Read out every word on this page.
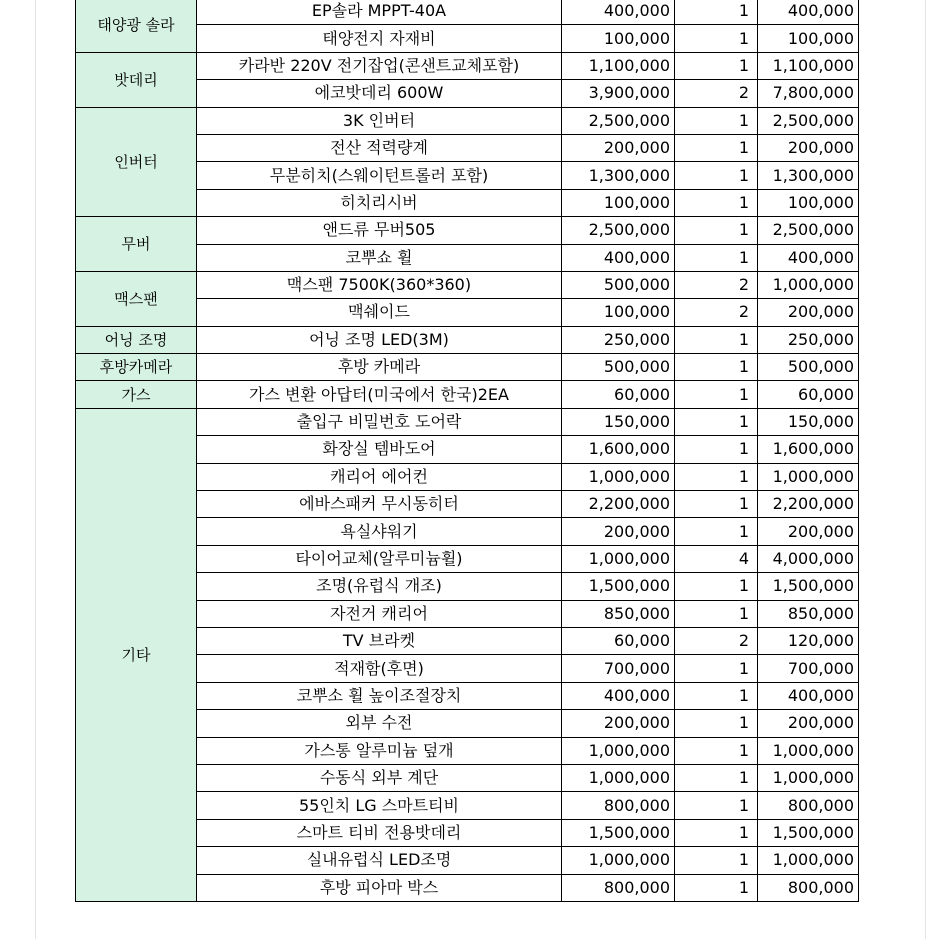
태양광 솔라	EP솔라 MPPT-40A	400,000	1	400,000
	태양전지 자재비	100,000	1	100,000
밧데리	카라반 220V 전기잡업(콘샌트교체포함)	1,100,000	1	1,100,000
	에코밧데리 600W	3,900,000	2	7,800,000
인버터	3K 인버터	2,500,000	1	2,500,000
	전산 적력량계	200,000	1	200,000
	무분히치(스웨이턴트롤러 포함)	1,300,000	1	1,300,000
	히치리시버	100,000	1	100,000
무버	앤드류 무버505	2,500,000	1	2,500,000
	코뿌쇼 휠	400,000	1	400,000
맥스팬	맥스팬 7500K(360*360)	500,000	2	1,000,000
	맥쉐이드	100,000	2	200,000
어닝 조명	어닝 조명 LED(3M)	250,000	1	250,000
후방카메라	후방 카메라	500,000	1	500,000
가스	가스 변환 아답터(미국에서 한국)2EA	60,000	1	60,000
기타	출입구 비밀번호 도어락	150,000	1	150,000
	화장실 템바도어	1,600,000	1	1,600,000
	캐리어 에어컨	1,000,000	1	1,000,000
	에바스패커 무시동히터	2,200,000	1	2,200,000
	욕실샤워기	200,000	1	200,000
	타이어교체(알루미늄휠)	1,000,000	4	4,000,000
	조명(유럽식 개조)	1,500,000	1	1,500,000
	자전거 캐리어	850,000	1	850,000
	TV 브라켓	60,000	2	120,000
	적재함(후면)	700,000	1	700,000
	코뿌소 휠 높이조절장치	400,000	1	400,000
	외부 수전	200,000	1	200,000
	가스통 알루미늄 덮개	1,000,000	1	1,000,000
	수동식 외부 계단	1,000,000	1	1,000,000
	55인치 LG 스마트티비	800,000	1	800,000
	스마트 티비 전용밧데리	1,500,000	1	1,500,000
	실내유럽식 LED조명	1,000,000	1	1,000,000
	후방 피아마 박스	800,000	1	800,000
